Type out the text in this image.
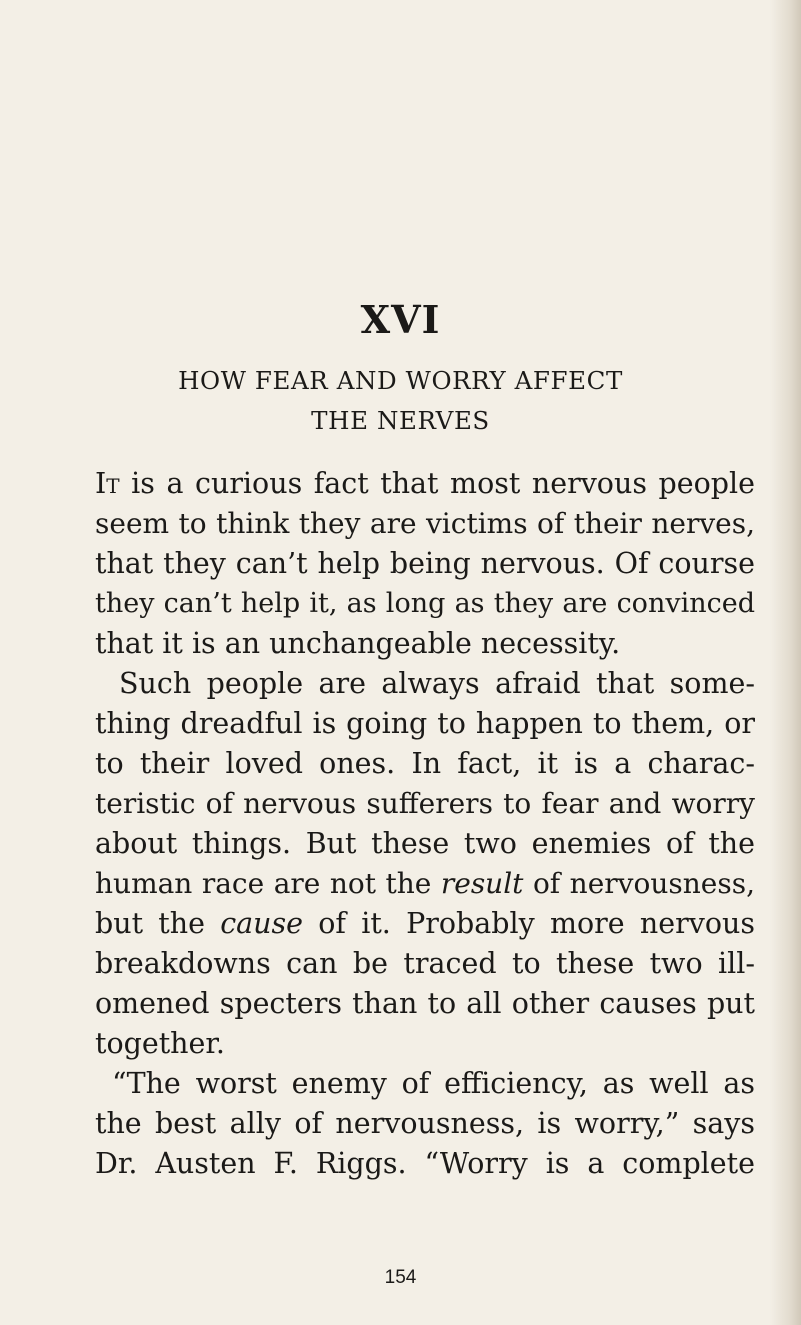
XVI
HOW FEAR AND WORRY AFFECT
THE NERVES
It is a curious fact that most nervous people
seem to think they are victims of their nerves,
that they can’t help being nervous. Of course
they can’t help it, as long as they are convinced
that it is an unchangeable necessity.
Such people are always afraid that some-
thing dreadful is going to happen to them, or
to their loved ones. In fact, it is a charac-
teristic of nervous sufferers to fear and worry
about things. But these two enemies of the
human race are not the result of nervousness,
but the cause of it. Probably more nervous
breakdowns can be traced to these two ill-
omened specters than to all other causes put
together.
“The worst enemy of efficiency, as well as
the best ally of nervousness, is worry,” says
Dr. Austen F. Riggs. “Worry is a complete
154
